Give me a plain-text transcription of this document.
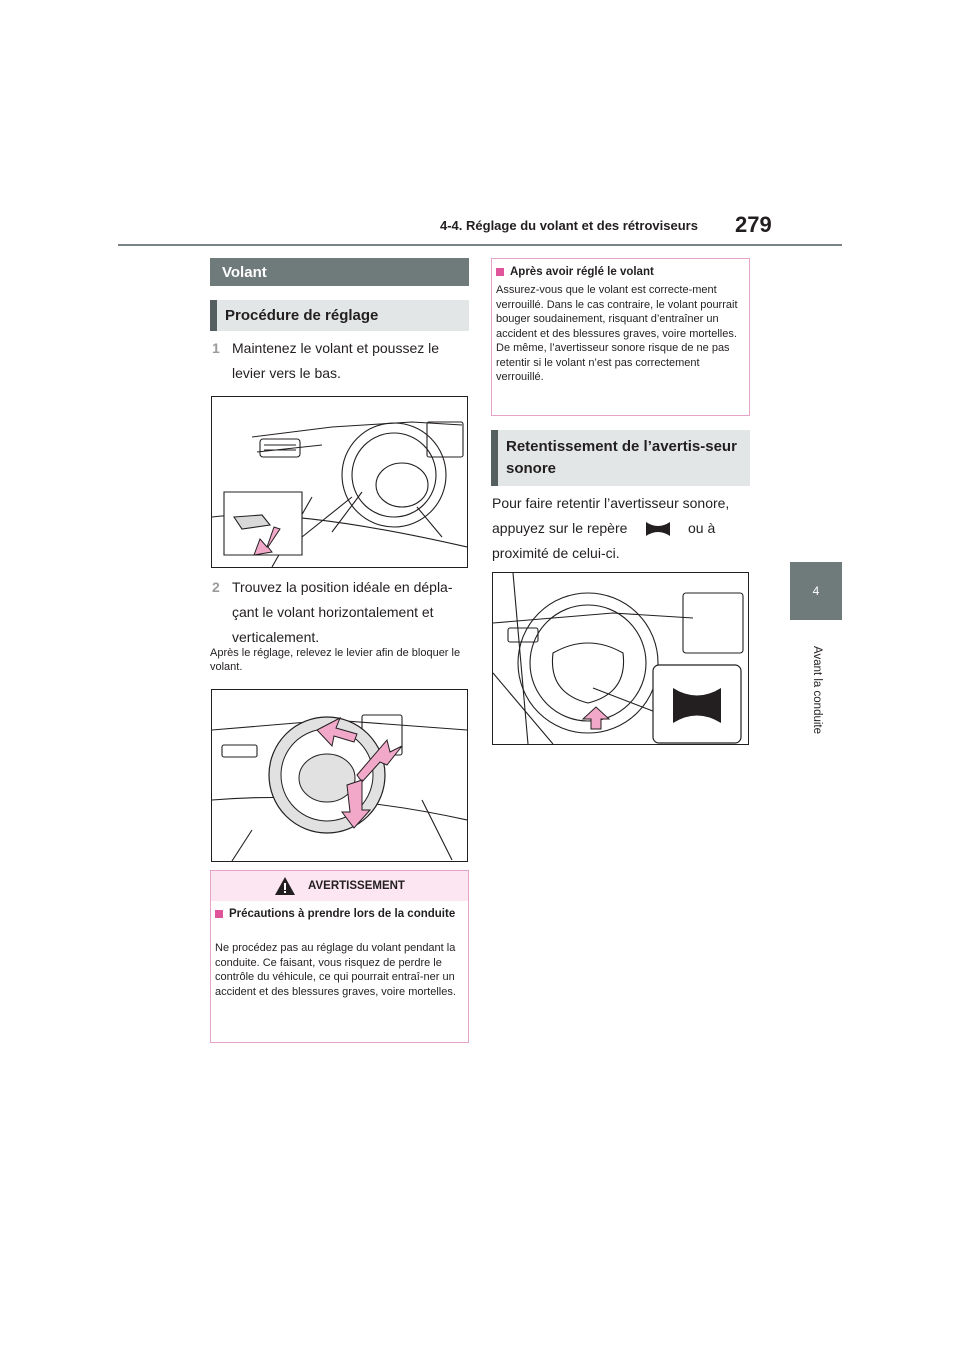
4-4. Réglage du volant et des rétroviseurs 279
4
Avant la conduite
Volant
Procédure de réglage
1 Maintenez le volant et poussez le levier vers le bas.
2 Trouvez la position idéale en dépla-çant le volant horizontalement et verticalement.
Après le réglage, relevez le levier afin de bloquer le volant.
AVERTISSEMENT
Précautions à prendre lors de la conduite
Ne procédez pas au réglage du volant pendant la conduite. Ce faisant, vous risquez de perdre le contrôle du véhicule, ce qui pourrait entraî-ner un accident et des blessures graves, voire mortelles.
Après avoir réglé le volant
Assurez-vous que le volant est correcte-ment verrouillé. Dans le cas contraire, le volant pourrait bouger soudainement, risquant d’entraîner un accident et des blessures graves, voire mortelles. De même, l’avertisseur sonore risque de ne pas retentir si le volant n’est pas correctement verrouillé.
Retentissement de l’avertis-seur sonore
Pour faire retentir l’avertisseur sonore,
appuyez sur le repère	ou à
proximité de celui-ci.
